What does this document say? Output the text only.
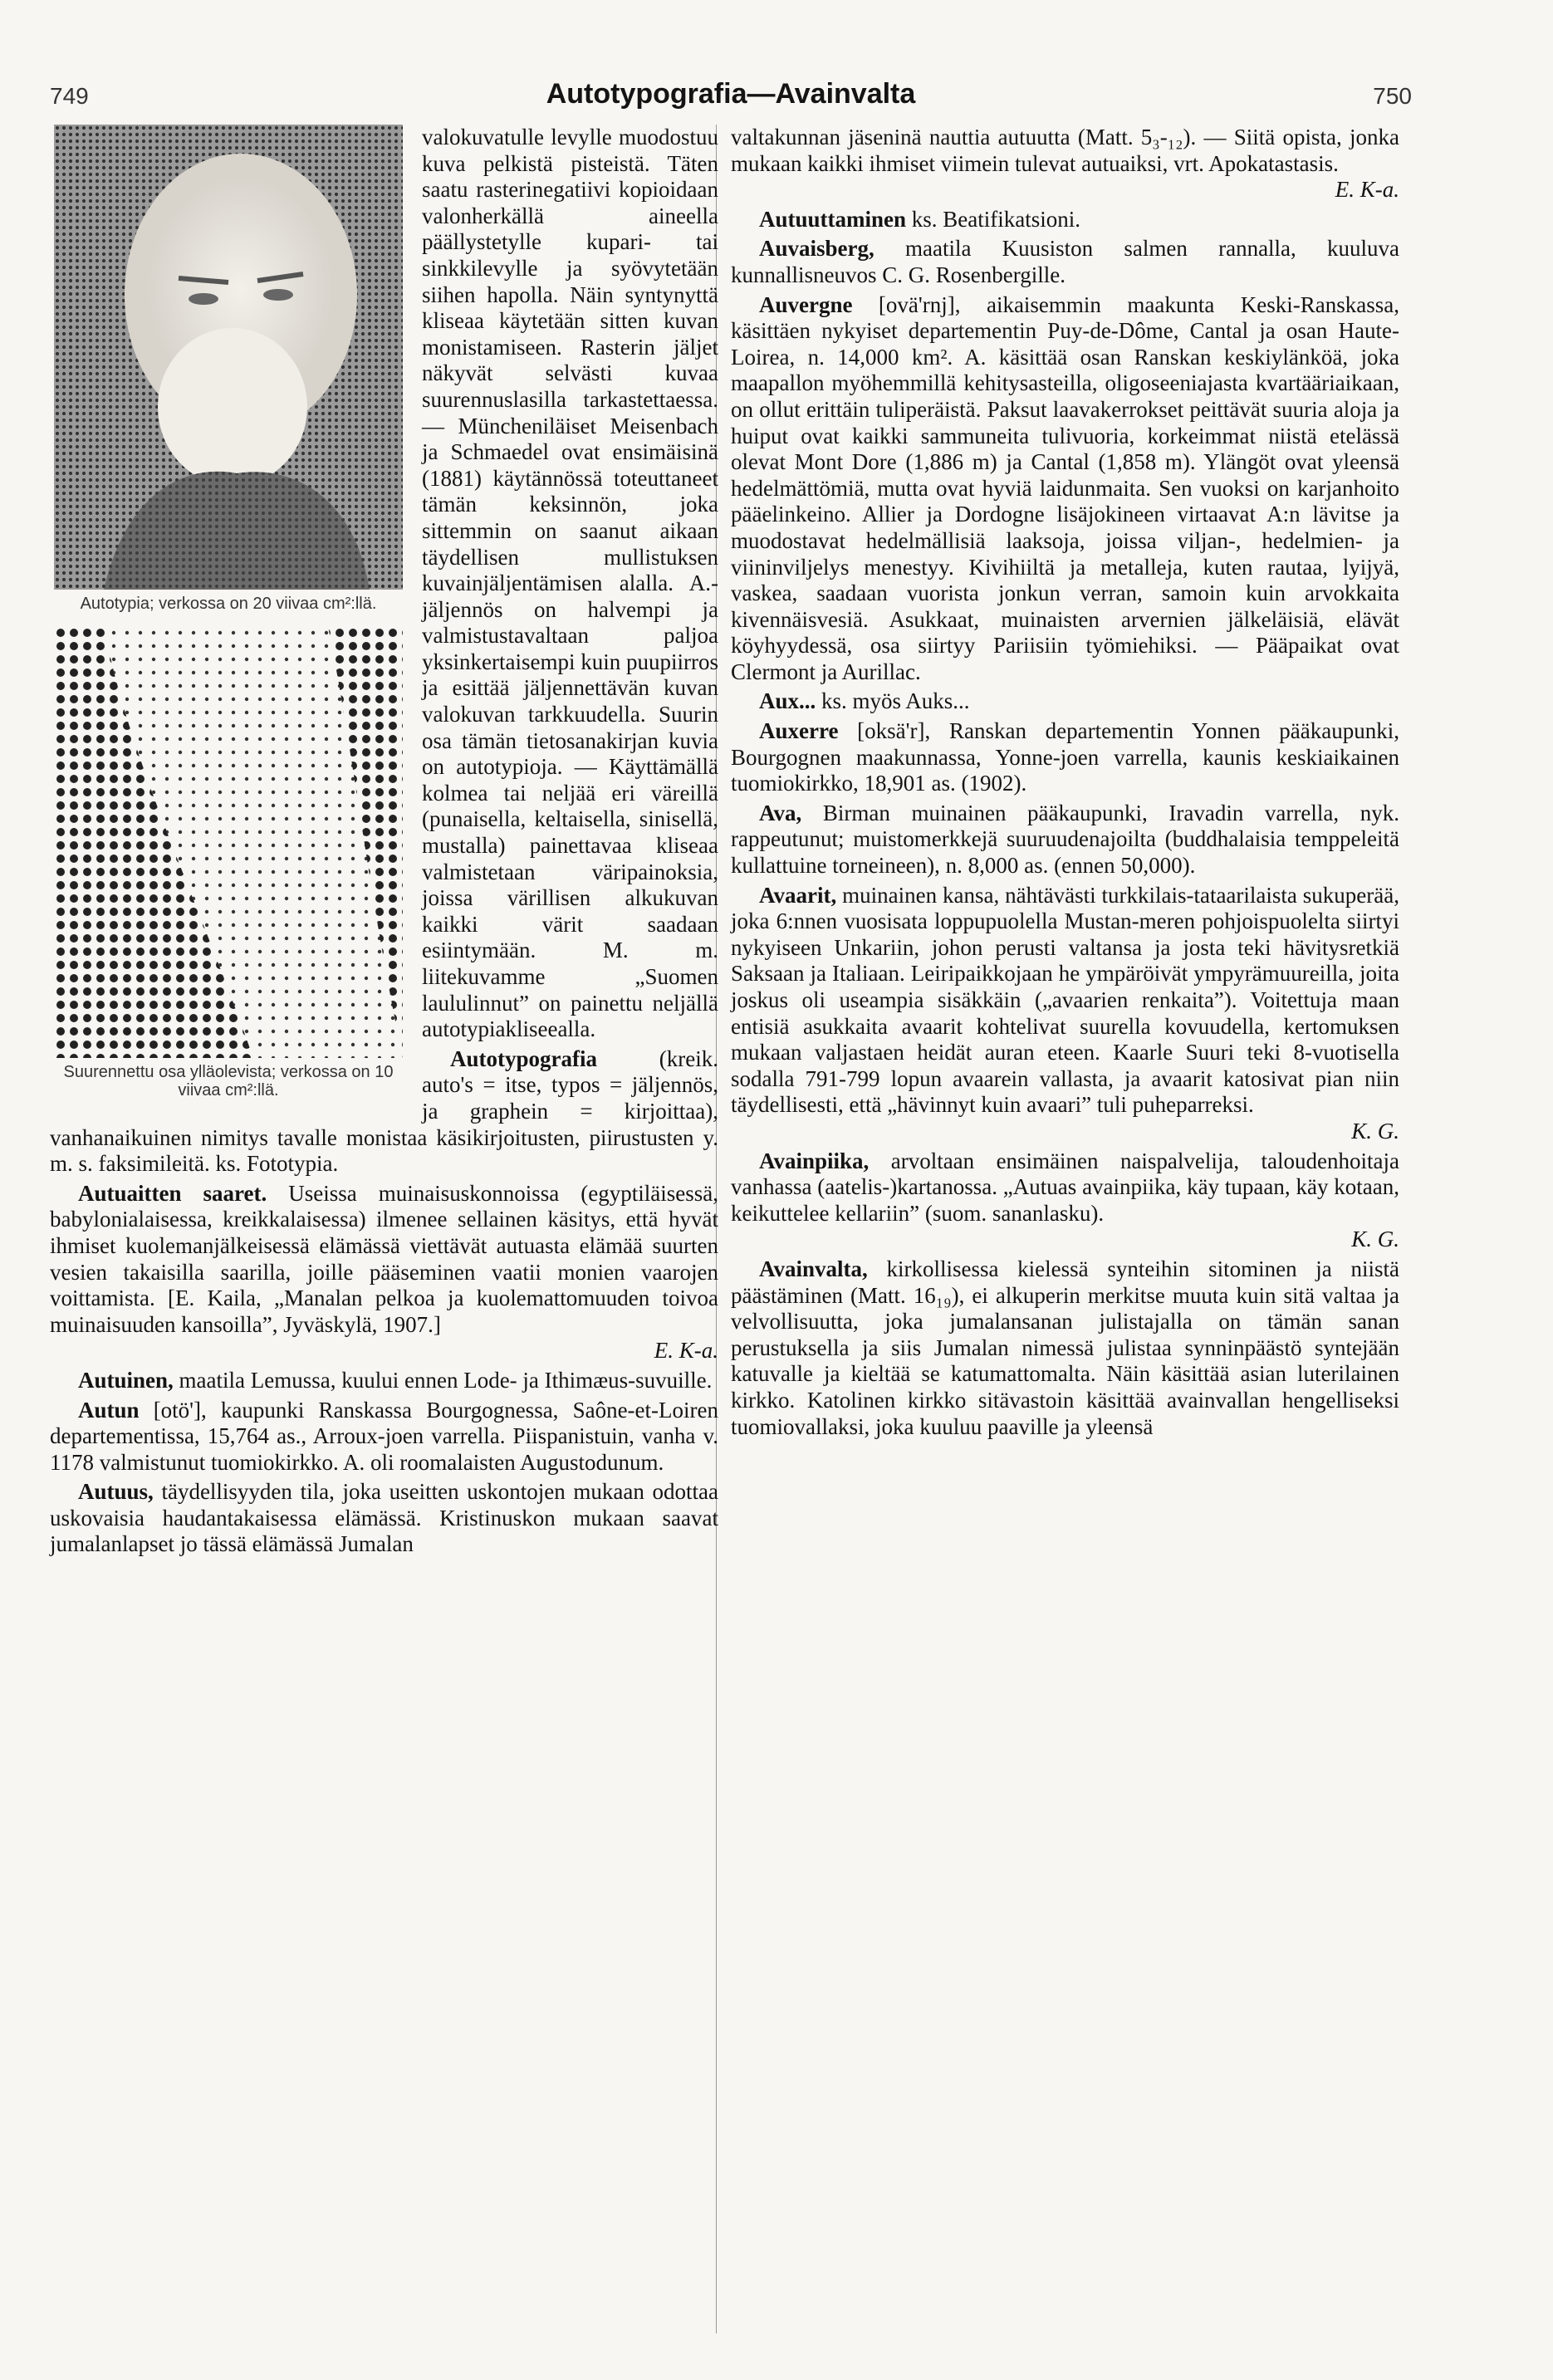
749	Autotypografia—Avainvalta	750
Autotypia; verkossa on 20 viivaa cm²:llä.
Suurennettu osa ylläolevista; verkossa on 10 viivaa cm²:llä.

valokuvatulle levylle muodostuu kuva pelkistä pisteistä. Täten saatu rasterinegatiivi kopioidaan valonherkällä aineella päällystetylle kupari- tai sinkkilevylle ja syövytetään siihen hapolla. Näin syntynyttä kliseaa käytetään sitten kuvan monistamiseen. Rasterin jäljet näkyvät selvästi kuvaa suurennuslasilla tarkastettaessa. — Müncheniläiset Meisenbach ja Schmaedel ovat ensimäisinä (1881) käytännössä toteuttaneet tämän keksinnön, joka sittemmin on saanut aikaan täydellisen mullistuksen kuvainjäljentämisen alalla. A.-jäljennös on halvempi ja valmistustavaltaan paljoa yksinkertaisempi kuin puupiirros ja esittää jäljennettävän kuvan valokuvan tarkkuudella. Suurin osa tämän tietosanakirjan kuvia on autotypioja. — Käyttämällä kolmea tai neljää eri väreillä (punaisella, keltaisella, sinisellä, mustalla) painettavaa kliseaa valmistetaan väripainoksia, joissa värillisen alkukuvan kaikki värit saadaan esiintymään. M. m. liitekuvamme „Suomen laululinnut” on painettu neljällä autotypiakliseealla.

Autotypografia (kreik. auto's = itse, typos = jäljennös, ja graphein = kirjoittaa), vanhanaikuinen nimitys tavalle monistaa käsikirjoitusten, piirustusten y. m. s. faksimileitä. ks. Fototypia.

Autuaitten saaret. Useissa muinaisuskonnoissa (egyptiläisessä, babylonialaisessa, kreikkalaisessa) ilmenee sellainen käsitys, että hyvät ihmiset kuolemanjälkeisessä elämässä viettävät autuasta elämää suurten vesien takaisilla saarilla, joille pääseminen vaatii monien vaarojen voittamista. [E. Kaila, „Manalan pelkoa ja kuolemattomuuden toivoa muinaisuuden kansoilla”, Jyväskylä, 1907.]
E. K-a.

Autuinen, maatila Lemussa, kuului ennen Lode- ja Ithimæus-suvuille.

Autun [otö'], kaupunki Ranskassa Bourgognessa, Saône-et-Loiren departementissa, 15,764 as., Arroux-joen varrella. Piispanistuin, vanha v. 1178 valmistunut tuomiokirkko. A. oli roomalaisten Augustodunum.

Autuus, täydellisyyden tila, joka useitten uskontojen mukaan odottaa uskovaisia haudantakaisessa elämässä. Kristinuskon mukaan saavat jumalanlapset jo tässä elämässä Jumalan

valtakunnan jäseninä nauttia autuutta (Matt. 5₃-₁₂). — Siitä opista, jonka mukaan kaikki ihmiset viimein tulevat autuaiksi, vrt. Apokatastasis.
E. K-a.

Autuuttaminen ks. Beatifikatsioni.

Auvaisberg, maatila Kuusiston salmen rannalla, kuuluva kunnallisneuvos C. G. Rosenbergille.

Auvergne [ovä'rnj], aikaisemmin maakunta Keski-Ranskassa, käsittäen nykyiset departementin Puy-de-Dôme, Cantal ja osan Haute-Loirea, n. 14,000 km². A. käsittää osan Ranskan keskiylänköä, joka maapallon myöhemmillä kehitysasteilla, oligoseeniajasta kvartääriaikaan, on ollut erittäin tuliperäistä. Paksut laavakerrokset peittävät suuria aloja ja huiput ovat kaikki sammuneita tulivuoria, korkeimmat niistä etelässä olevat Mont Dore (1,886 m) ja Cantal (1,858 m). Ylängöt ovat yleensä hedelmättömiä, mutta ovat hyviä laidunmaita. Sen vuoksi on karjanhoito pääelinkeino. Allier ja Dordogne lisäjokineen virtaavat A:n lävitse ja muodostavat hedelmällisiä laaksoja, joissa viljan-, hedelmien- ja viininviljelys menestyy. Kivihiiltä ja metalleja, kuten rautaa, lyijyä, vaskea, saadaan vuorista jonkun verran, samoin kuin arvokkaita kivennäisvesiä. Asukkaat, muinaisten arvernien jälkeläisiä, elävät köyhyydessä, osa siirtyy Pariisiin työmiehiksi. — Pääpaikat ovat Clermont ja Aurillac.

Aux... ks. myös Auks...

Auxerre [oksä'r], Ranskan departementin Yonnen pääkaupunki, Bourgognen maakunnassa, Yonne-joen varrella, kaunis keskiaikainen tuomiokirkko, 18,901 as. (1902).

Ava, Birman muinainen pääkaupunki, Iravadin varrella, nyk. rappeutunut; muistomerkkejä suuruudenajoilta (buddhalaisia temppeleitä kullattuine torneineen), n. 8,000 as. (ennen 50,000).

Avaarit, muinainen kansa, nähtävästi turkkilais-tataarilaista sukuperää, joka 6:nnen vuosisata loppupuolella Mustan-meren pohjoispuolelta siirtyi nykyiseen Unkariin, johon perusti valtansa ja josta teki hävitysretkiä Saksaan ja Italiaan. Leiripaikkojaan he ympäröivät ympyrämuureilla, joita joskus oli useampia sisäkkäin („avaarien renkaita”). Voitettuja maan entisiä asukkaita avaarit kohtelivat suurella kovuudella, kertomuksen mukaan valjastaen heidät auran eteen. Kaarle Suuri teki 8-vuotisella sodalla 791-799 lopun avaarein vallasta, ja avaarit katosivat pian niin täydellisesti, että „hävinnyt kuin avaari” tuli puheparreksi.
K. G.

Avainpiika, arvoltaan ensimäinen naispalvelija, taloudenhoitaja vanhassa (aatelis-)kartanossa. „Autuas avainpiika, käy tupaan, käy kotaan, keikuttelee kellariin” (suom. sananlasku).
K. G.

Avainvalta, kirkollisessa kielessä synteihin sitominen ja niistä päästäminen (Matt. 16₁₉), ei alkuperin merkitse muuta kuin sitä valtaa ja velvollisuutta, joka jumalansanan julistajalla on tämän sanan perustuksella ja siis Jumalan nimessä julistaa synninpäästö syntejään katuvalle ja kieltää se katumattomalta. Näin käsittää asian luterilainen kirkko. Katolinen kirkko sitävastoin käsittää avainvallan hengelliseksi tuomiovallaksi, joka kuuluu paaville ja yleensä
